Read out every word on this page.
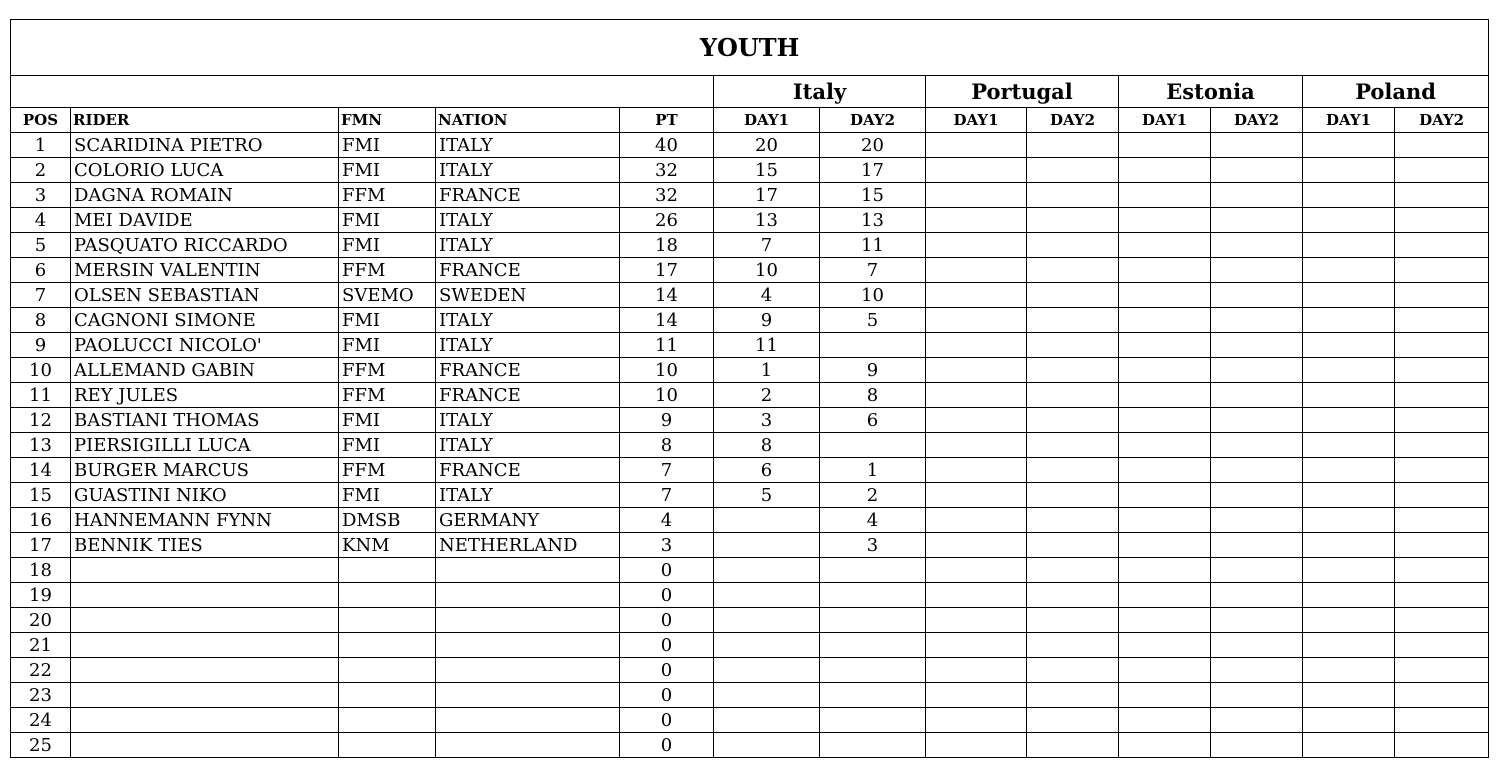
YOUTH												
					Italy		Portugal		Estonia		Poland	
POS	RIDER	FMN	NATION	PT	DAY1	DAY2	DAY1	DAY2	DAY1	DAY2	DAY1	DAY2
1	SCARIDINA PIETRO	FMI	ITALY	40	20	20						
2	COLORIO LUCA	FMI	ITALY	32	15	17						
3	DAGNA ROMAIN	FFM	FRANCE	32	17	15						
4	MEI DAVIDE	FMI	ITALY	26	13	13						
5	PASQUATO RICCARDO	FMI	ITALY	18	7	11						
6	MERSIN VALENTIN	FFM	FRANCE	17	10	7						
7	OLSEN SEBASTIAN	SVEMO	SWEDEN	14	4	10						
8	CAGNONI SIMONE	FMI	ITALY	14	9	5						
9	PAOLUCCI NICOLO'	FMI	ITALY	11	11							
10	ALLEMAND GABIN	FFM	FRANCE	10	1	9						
11	REY JULES	FFM	FRANCE	10	2	8						
12	BASTIANI THOMAS	FMI	ITALY	9	3	6						
13	PIERSIGILLI LUCA	FMI	ITALY	8	8							
14	BURGER MARCUS	FFM	FRANCE	7	6	1						
15	GUASTINI NIKO	FMI	ITALY	7	5	2						
16	HANNEMANN FYNN	DMSB	GERMANY	4		4						
17	BENNIK TIES	KNM	NETHERLAND	3		3						
18				0								
19				0								
20				0								
21				0								
22				0								
23				0								
24				0								
25				0								
